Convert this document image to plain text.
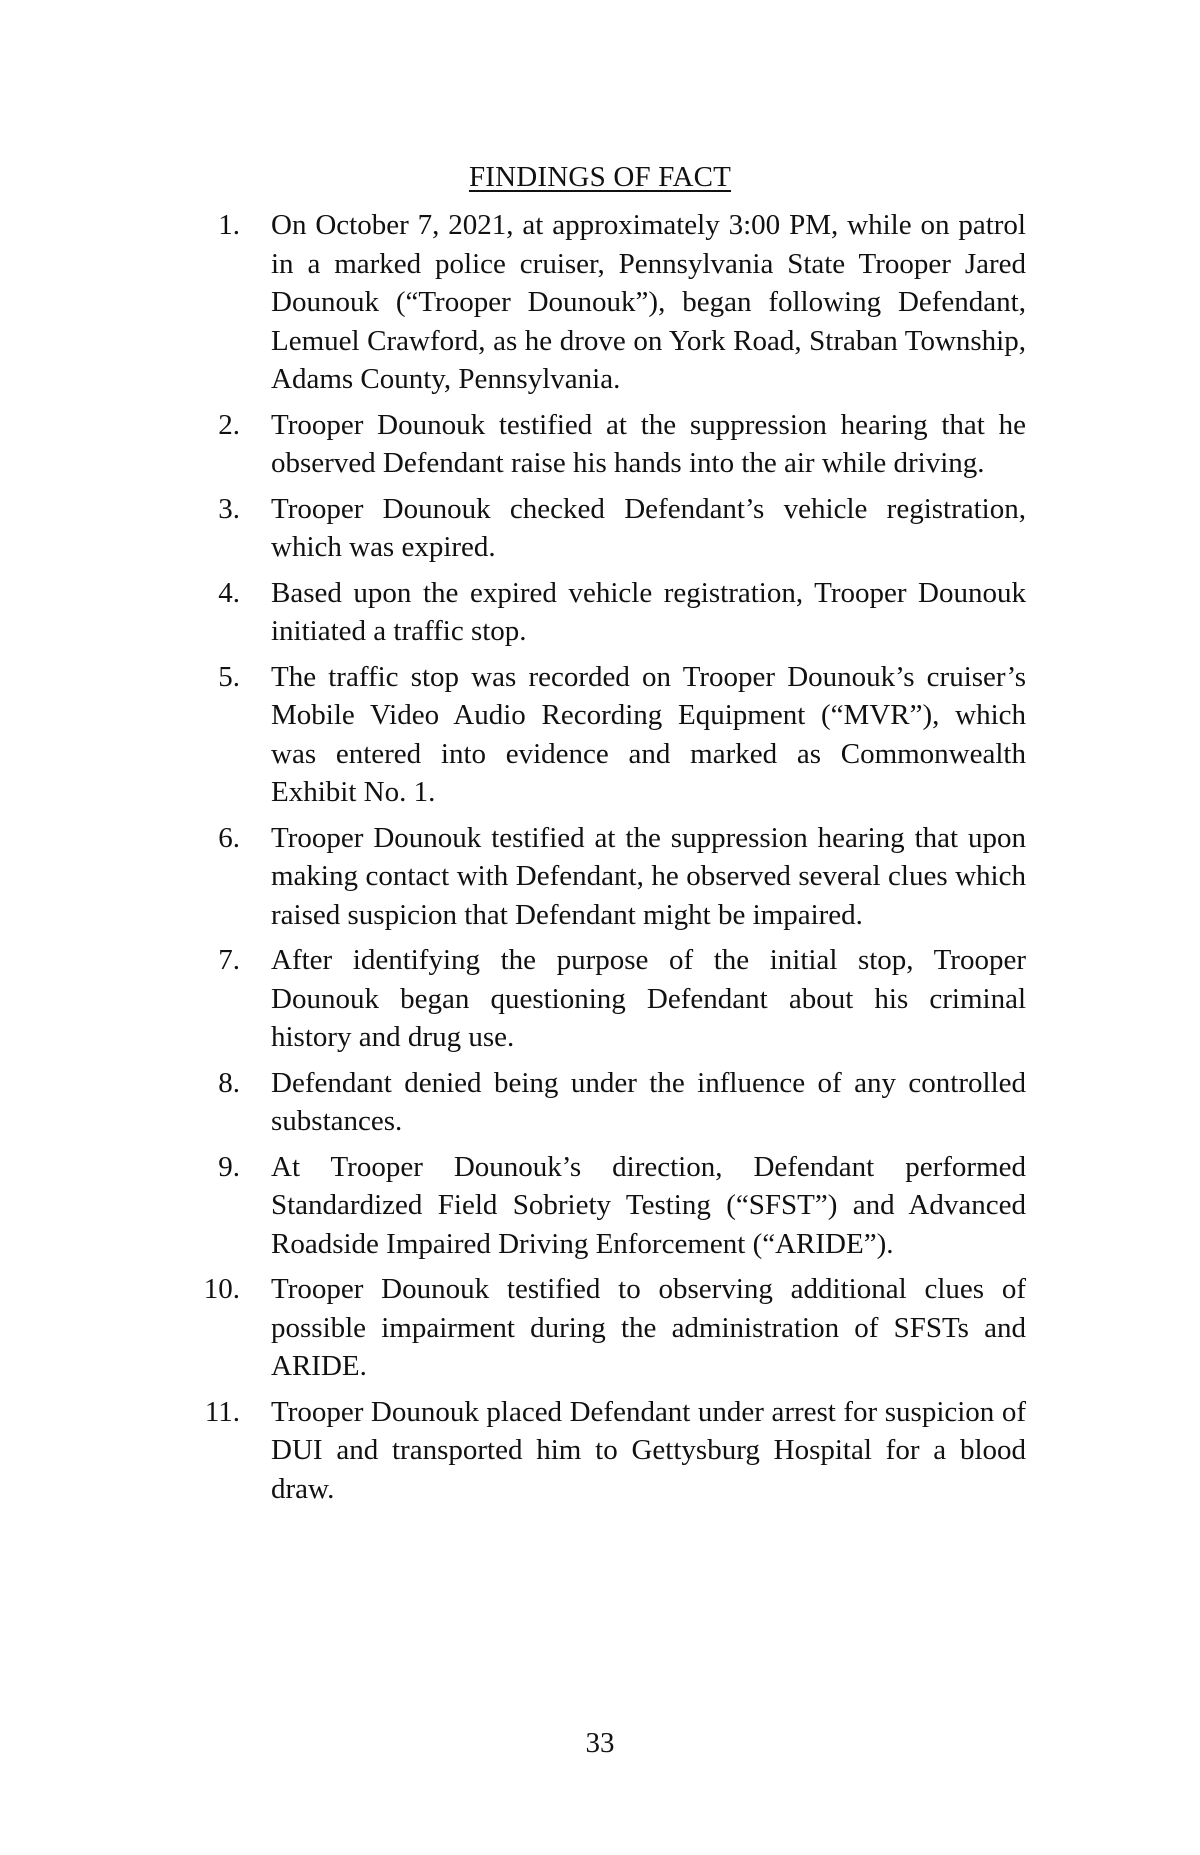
FINDINGS OF FACT
1. On October 7, 2021, at approximately 3:00 PM, while on patrol in a marked police cruiser, Pennsylvania State Trooper Jared Dounouk (“Trooper Dounouk”), began following Defendant, Lemuel Crawford, as he drove on York Road, Straban Township, Adams County, Pennsylvania.
2. Trooper Dounouk testified at the suppression hearing that he observed Defendant raise his hands into the air while driving.
3. Trooper Dounouk checked Defendant’s vehicle registration, which was expired.
4. Based upon the expired vehicle registration, Trooper Dounouk initiated a traffic stop.
5. The traffic stop was recorded on Trooper Dounouk’s cruiser’s Mobile Video Audio Recording Equipment (“MVR”), which was entered into evidence and marked as Commonwealth Exhibit No. 1.
6. Trooper Dounouk testified at the suppression hearing that upon making contact with Defendant, he observed several clues which raised suspicion that Defendant might be impaired.
7. After identifying the purpose of the initial stop, Trooper Dounouk began questioning Defendant about his criminal history and drug use.
8. Defendant denied being under the influence of any controlled substances.
9. At Trooper Dounouk’s direction, Defendant performed Standardized Field Sobriety Testing (“SFST”) and Advanced Roadside Impaired Driving Enforcement (“ARIDE”).
10. Trooper Dounouk testified to observing additional clues of possible impairment during the administration of SFSTs and ARIDE.
11. Trooper Dounouk placed Defendant under arrest for suspicion of DUI and transported him to Gettysburg Hospital for a blood draw.
33
